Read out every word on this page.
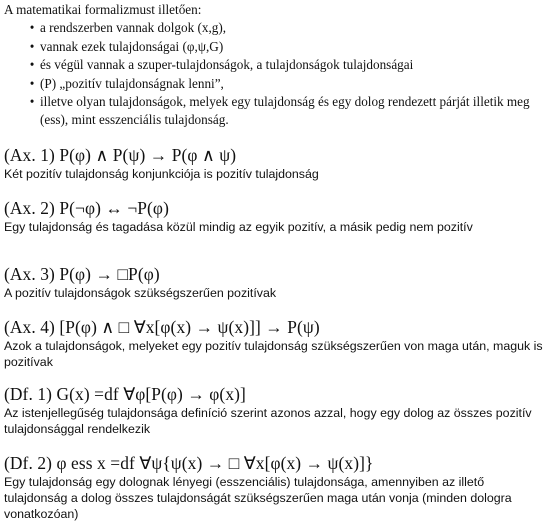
A matematikai formalizmust illetően:
• a rendszerben vannak dolgok (x,g),
• vannak ezek tulajdonságai (φ,ψ,G)
• és végül vannak a szuper-tulajdonságok, a tulajdonságok tulajdonságai
• (P) „pozitív tulajdonságnak lenni”,
• illetve olyan tulajdonságok, melyek egy tulajdonság és egy dolog rendezett párját illetik meg (ess), mint esszenciális tulajdonság.
(Ax. 1) P(φ) ∧ P(ψ) → P(φ ∧ ψ)
Két pozitív tulajdonság konjunkciója is pozitív tulajdonság
(Ax. 2) P(¬φ) ↔ ¬P(φ)
Egy tulajdonság és tagadása közül mindig az egyik pozitív, a másik pedig nem pozitív
(Ax. 3) P(φ) → □P(φ)
A pozitív tulajdonságok szükségszerűen pozitívak
(Ax. 4) [P(φ) ∧ □ ∀x[φ(x) → ψ(x)]] → P(ψ)
Azok a tulajdonságok, melyeket egy pozitív tulajdonság szükségszerűen von maga után, maguk is pozitívak
(Df. 1) G(x) =df ∀φ[P(φ) → φ(x)]
Az istenjellegűség tulajdonsága definíció szerint azonos azzal, hogy egy dolog az összes pozitív tulajdonsággal rendelkezik
(Df. 2) φ ess x =df ∀ψ{ψ(x) → □ ∀x[φ(x) → ψ(x)]}
Egy tulajdonság egy dolognak lényegi (esszenciális) tulajdonsága, amennyiben az illető tulajdonság a dolog összes tulajdonságát szükségszerűen maga után vonja (minden dologra vonatkozóan)
